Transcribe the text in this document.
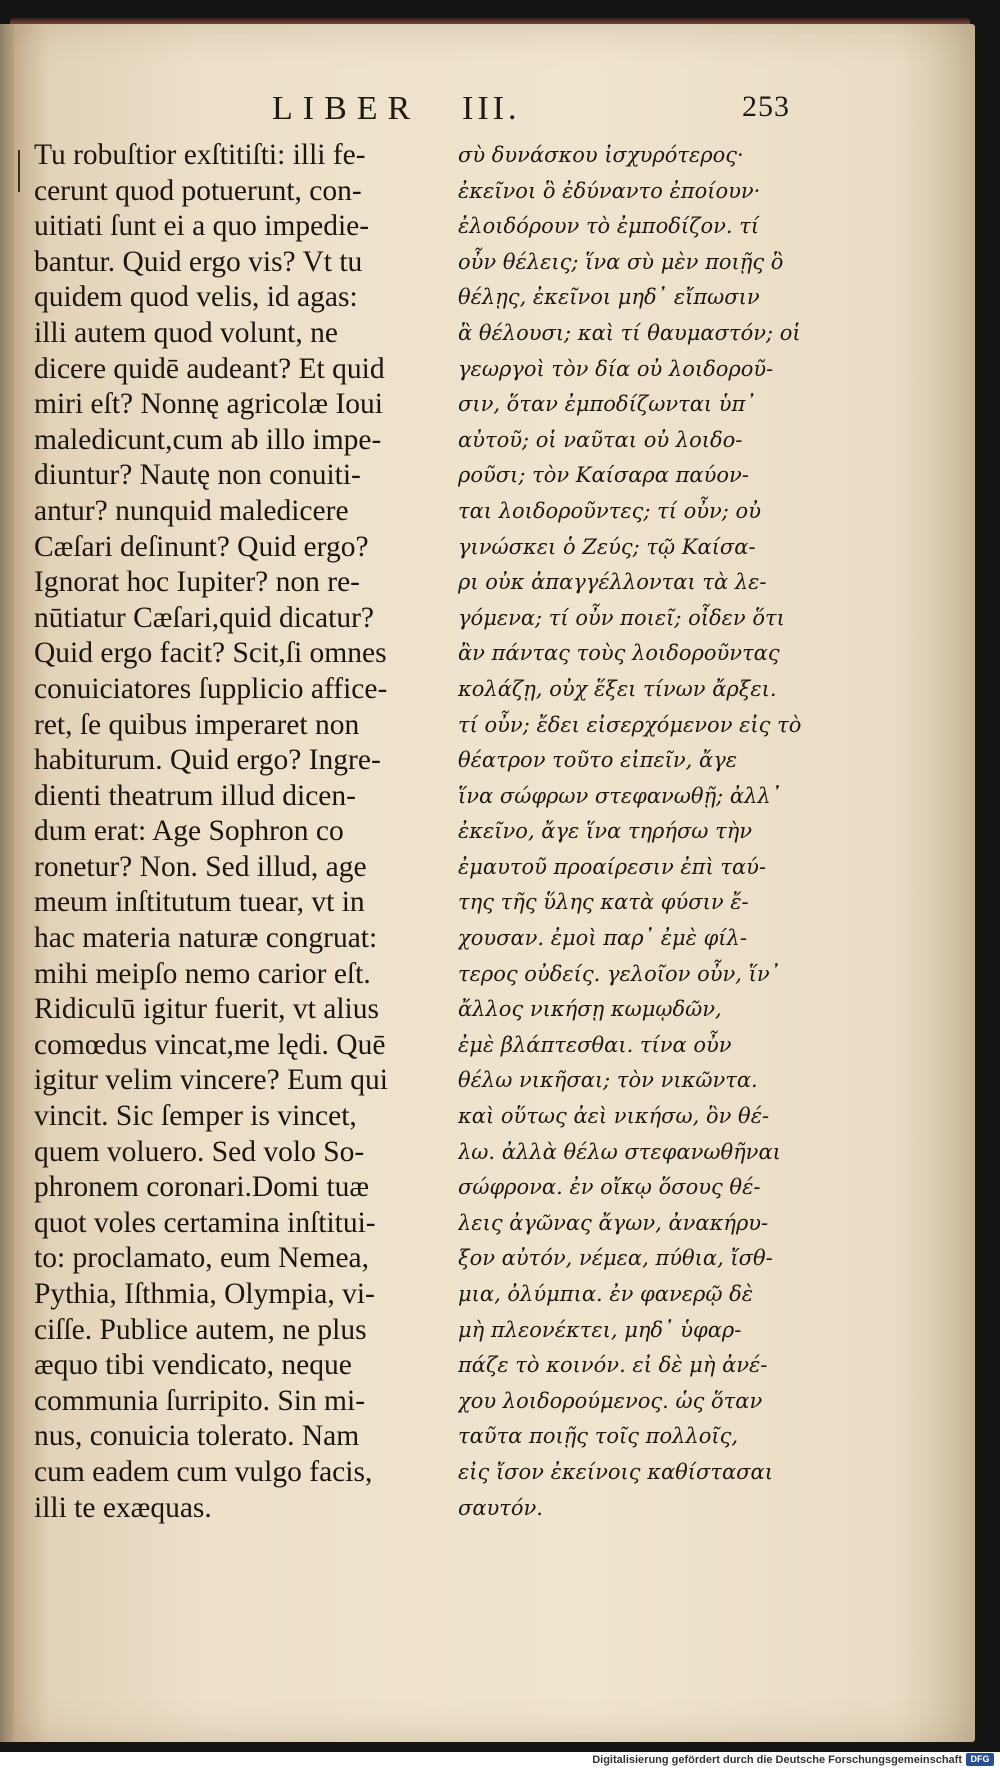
LIBER III.	253
Tu robuſtior exſtitiſti: illi fe-
cerunt quod potuerunt, con-
uitiati ſunt ei a quo impedie-
bantur. Quid ergo vis? Vt tu
quidem quod velis, id agas:
illi autem quod volunt, ne
dicere quidē audeant? Et quid
miri eſt? Nonnę agricolæ Ioui
maledicunt,cum ab illo impe-
diuntur? Nautę non conuiti-
antur? nunquid maledicere
Cæſari deſinunt? Quid ergo?
Ignorat hoc Iupiter? non re-
nūtiatur Cæſari,quid dicatur?
Quid ergo facit? Scit,ſi omnes
conuiciatores ſupplicio affice-
ret, ſe quibus imperaret non
habiturum. Quid ergo? Ingre-
dienti theatrum illud dicen-
dum erat: Age Sophron co
ronetur? Non. Sed illud, age
meum inſtitutum tuear, vt in
hac materia naturæ congruat:
mihi meipſo nemo carior eſt.
Ridiculū igitur fuerit, vt alius
comœdus vincat,me lędi. Quē
igitur velim vincere? Eum qui
vincit. Sic ſemper is vincet,
quem voluero. Sed volo So-
phronem coronari.Domi tuæ
quot voles certamina inſtitui-
to: proclamato, eum Nemea,
Pythia, Iſthmia, Olympia, vi-
ciſſe. Publice autem, ne plus
æquo tibi vendicato, neque
communia ſurripito. Sin mi-
nus, conuicia tolerato. Nam
cum eadem cum vulgo facis,
illi te exæquas.
σὺ δυνάσκου ἰσχυρότερος·
ἐκεῖνοι ὃ ἐδύναντο ἐποίουν·
ἐλοιδόρουν τὸ ἐμποδίζον. τί
οὖν θέλεις; ἵνα σὺ μὲν ποιῇς ὃ
θέλῃς, ἐκεῖνοι μηδ᾽ εἴπωσιν
ἃ θέλουσι; καὶ τί θαυμαστόν; οἱ
γεωργοὶ τὸν δία οὐ λοιδοροῦ-
σιν, ὅταν ἐμποδίζωνται ὑπ᾽
αὐτοῦ; οἱ ναῦται οὐ λοιδο-
ροῦσι; τὸν Καίσαρα παύον-
ται λοιδοροῦντες; τί οὖν; οὐ
γινώσκει ὁ Ζεύς; τῷ Καίσα-
ρι οὐκ ἀπαγγέλλονται τὰ λε-
γόμενα; τί οὖν ποιεῖ; οἶδεν ὅτι
ἂν πάντας τοὺς λοιδοροῦντας
κολάζῃ, οὐχ ἕξει τίνων ἄρξει.
τί οὖν; ἔδει εἰσερχόμενον εἰς τὸ
θέατρον τοῦτο εἰπεῖν, ἄγε
ἵνα σώφρων στεφανωθῇ; ἀλλ᾽
ἐκεῖνο, ἄγε ἵνα τηρήσω τὴν
ἐμαυτοῦ προαίρεσιν ἐπὶ ταύ-
της τῆς ὕλης κατὰ φύσιν ἔ-
χουσαν. ἐμοὶ παρ᾽ ἐμὲ φίλ-
τερος οὐδείς. γελοῖον οὖν, ἵν᾽
ἄλλος νικήσῃ κωμῳδῶν,
ἐμὲ βλάπτεσθαι. τίνα οὖν
θέλω νικῆσαι; τὸν νικῶντα.
καὶ οὕτως ἀεὶ νικήσω, ὃν θέ-
λω. ἀλλὰ θέλω στεφανωθῆναι
σώφρονα. ἐν οἴκῳ ὅσους θέ-
λεις ἀγῶνας ἄγων, ἀνακήρυ-
ξον αὐτόν, νέμεα, πύθια, ἴσθ-
μια, ὀλύμπια. ἐν φανερῷ δὲ
μὴ πλεονέκτει, μηδ᾽ ὑφαρ-
πάζε τὸ κοινόν. εἰ δὲ μὴ ἀνέ-
χου λοιδορούμενος. ὡς ὅταν
ταῦτα ποιῇς τοῖς πολλοῖς,
εἰς ἴσον ἐκείνοις καθίστασαι
σαυτόν.
Digitalisierung gefördert durch die Deutsche Forschungsgemeinschaft DFG
